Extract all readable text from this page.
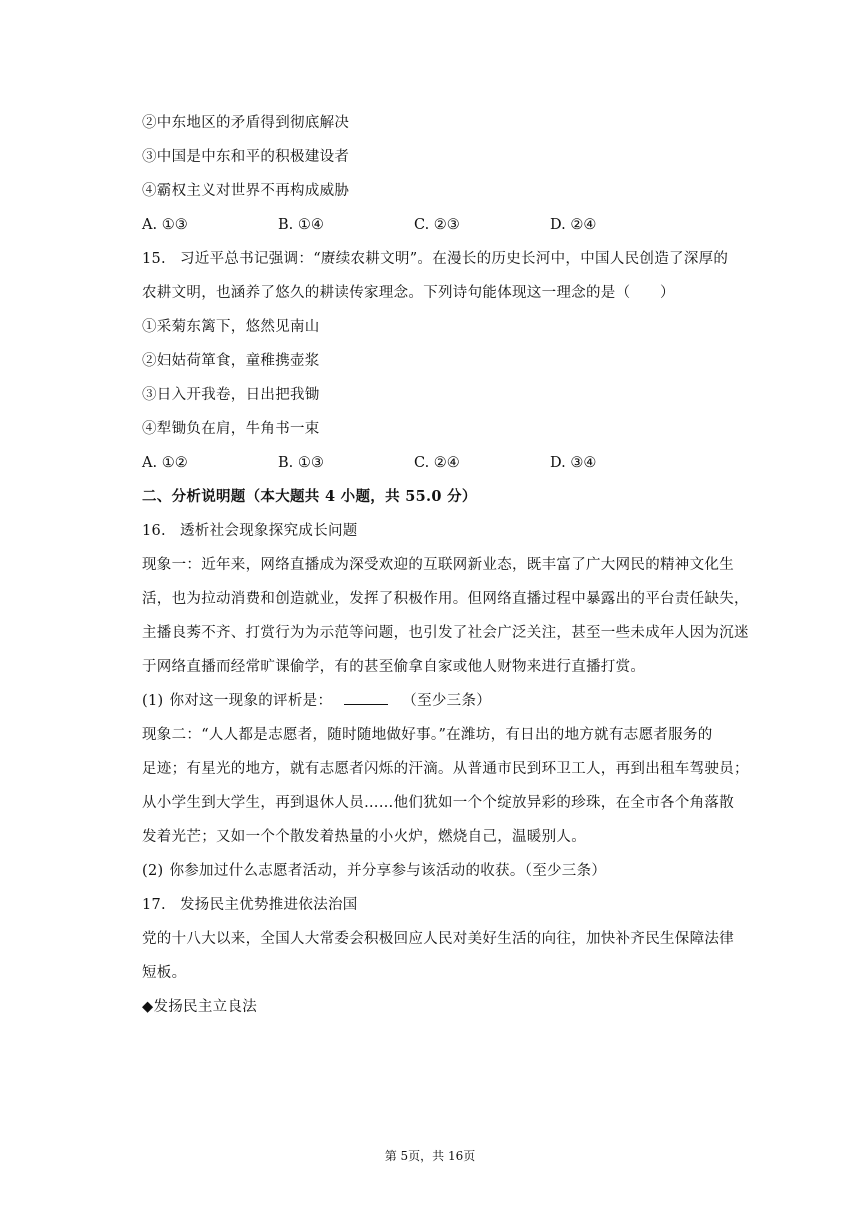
②中东地区的矛盾得到彻底解决
③中国是中东和平的积极建设者
④霸权主义对世界不再构成威胁
A. ①③	B. ①④	C. ②③	D. ②④
15. 习近平总书记强调：“赓续农耕文明”。在漫长的历史长河中，中国人民创造了深厚的
农耕文明，也涵养了悠久的耕读传家理念。下列诗句能体现这一理念的是（　　）
①采菊东篱下，悠然见南山
②妇姑荷箪食，童稚携壶浆
③日入开我卷，日出把我锄
④犁锄负在肩，牛角书一束
A. ①②	B. ①③	C. ②④	D. ③④
二、分析说明题（本大题共 4 小题，共 55.0 分）
16. 透析社会现象探究成长问题
现象一：近年来，网络直播成为深受欢迎的互联网新业态，既丰富了广大网民的精神文化生
活，也为拉动消费和创造就业，发挥了积极作用。但网络直播过程中暴露出的平台责任缺失，
主播良莠不齐、打赏行为为示范等问题，也引发了社会广泛关注，甚至一些未成年人因为沉迷
于网络直播而经常旷课偷学，有的甚至偷拿自家或他人财物来进行直播打赏。
(1) 你对这一现象的评析是：	（至少三条）
现象二：“人人都是志愿者，随时随地做好事。”在潍坊，有日出的地方就有志愿者服务的
足迹；有星光的地方，就有志愿者闪烁的汗滴。从普通市民到环卫工人，再到出租车驾驶员；
从小学生到大学生，再到退休人员……他们犹如一个个绽放异彩的珍珠，在全市各个角落散
发着光芒；又如一个个散发着热量的小火炉，燃烧自己，温暖别人。
(2) 你参加过什么志愿者活动，并分享参与该活动的收获。（至少三条）
17. 发扬民主优势推进依法治国
党的十八大以来，全国人大常委会积极回应人民对美好生活的向往，加快补齐民生保障法律
短板。
◆发扬民主立良法
第 5页，共 16页
